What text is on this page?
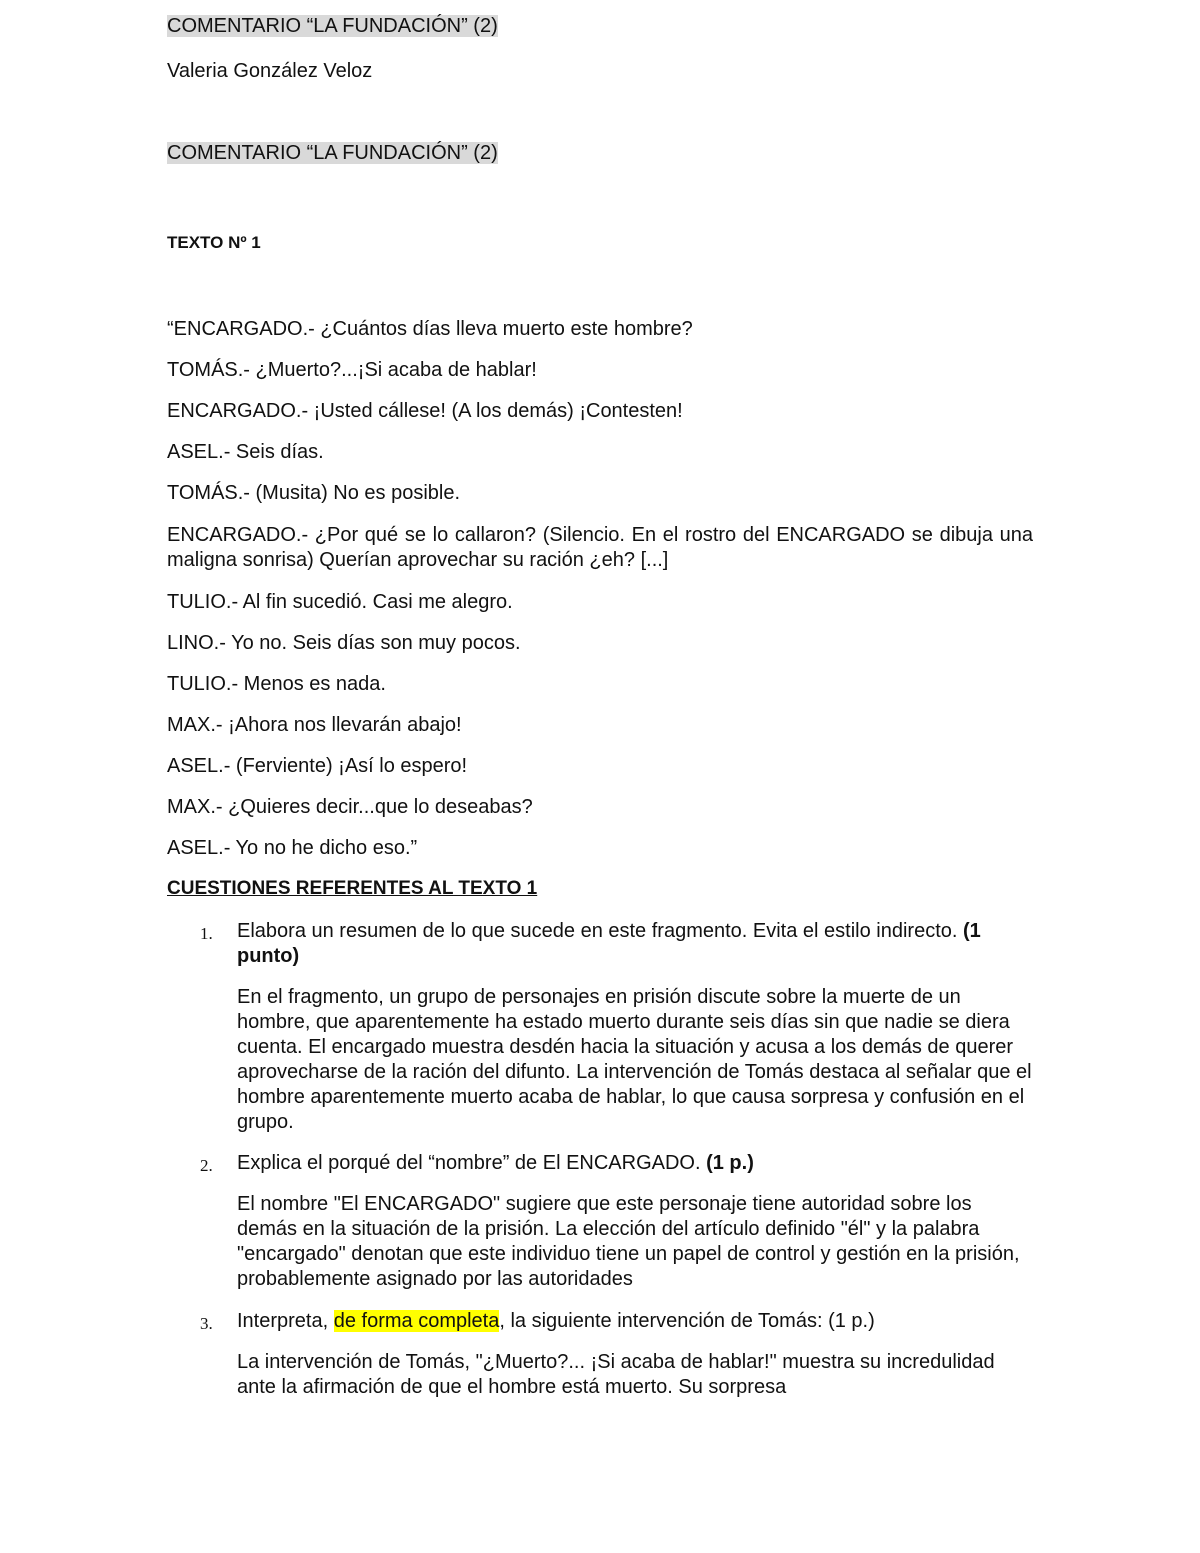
COMENTARIO “LA FUNDACIÓN” (2)
Valeria González Veloz
COMENTARIO “LA FUNDACIÓN” (2)
TEXTO Nº 1

“ENCARGADO.- ¿Cuántos días lleva muerto este hombre?

TOMÁS.- ¿Muerto?...¡Si acaba de hablar!

ENCARGADO.- ¡Usted cállese! (A los demás) ¡Contesten!

ASEL.- Seis días.

TOMÁS.- (Musita) No es posible.

ENCARGADO.- ¿Por qué se lo callaron? (Silencio. En el rostro del ENCARGADO se dibuja una maligna sonrisa) Querían aprovechar su ración ¿eh? [...]

TULIO.- Al fin sucedió. Casi me alegro.

LINO.- Yo no. Seis días son muy pocos.

TULIO.- Menos es nada.

MAX.- ¡Ahora nos llevarán abajo!

ASEL.- (Ferviente) ¡Así lo espero!

MAX.- ¿Quieres decir...que lo deseabas?

ASEL.- Yo no he dicho eso.”

CUESTIONES REFERENTES AL TEXTO 1
1. Elabora un resumen de lo que sucede en este fragmento. Evita el estilo indirecto. (1 punto)

En el fragmento, un grupo de personajes en prisión discute sobre la muerte de un hombre, que aparentemente ha estado muerto durante seis días sin que nadie se diera cuenta. El encargado muestra desdén hacia la situación y acusa a los demás de querer aprovecharse de la ración del difunto. La intervención de Tomás destaca al señalar que el hombre aparentemente muerto acaba de hablar, lo que causa sorpresa y confusión en el grupo.

2. Explica el porqué del “nombre” de El ENCARGADO. (1 p.)

El nombre "El ENCARGADO" sugiere que este personaje tiene autoridad sobre los demás en la situación de la prisión. La elección del artículo definido "él" y la palabra "encargado" denotan que este individuo tiene un papel de control y gestión en la prisión, probablemente asignado por las autoridades

3. Interpreta, de forma completa, la siguiente intervención de Tomás: (1 p.)

La intervención de Tomás, "¿Muerto?... ¡Si acaba de hablar!" muestra su incredulidad ante la afirmación de que el hombre está muerto. Su sorpresa
